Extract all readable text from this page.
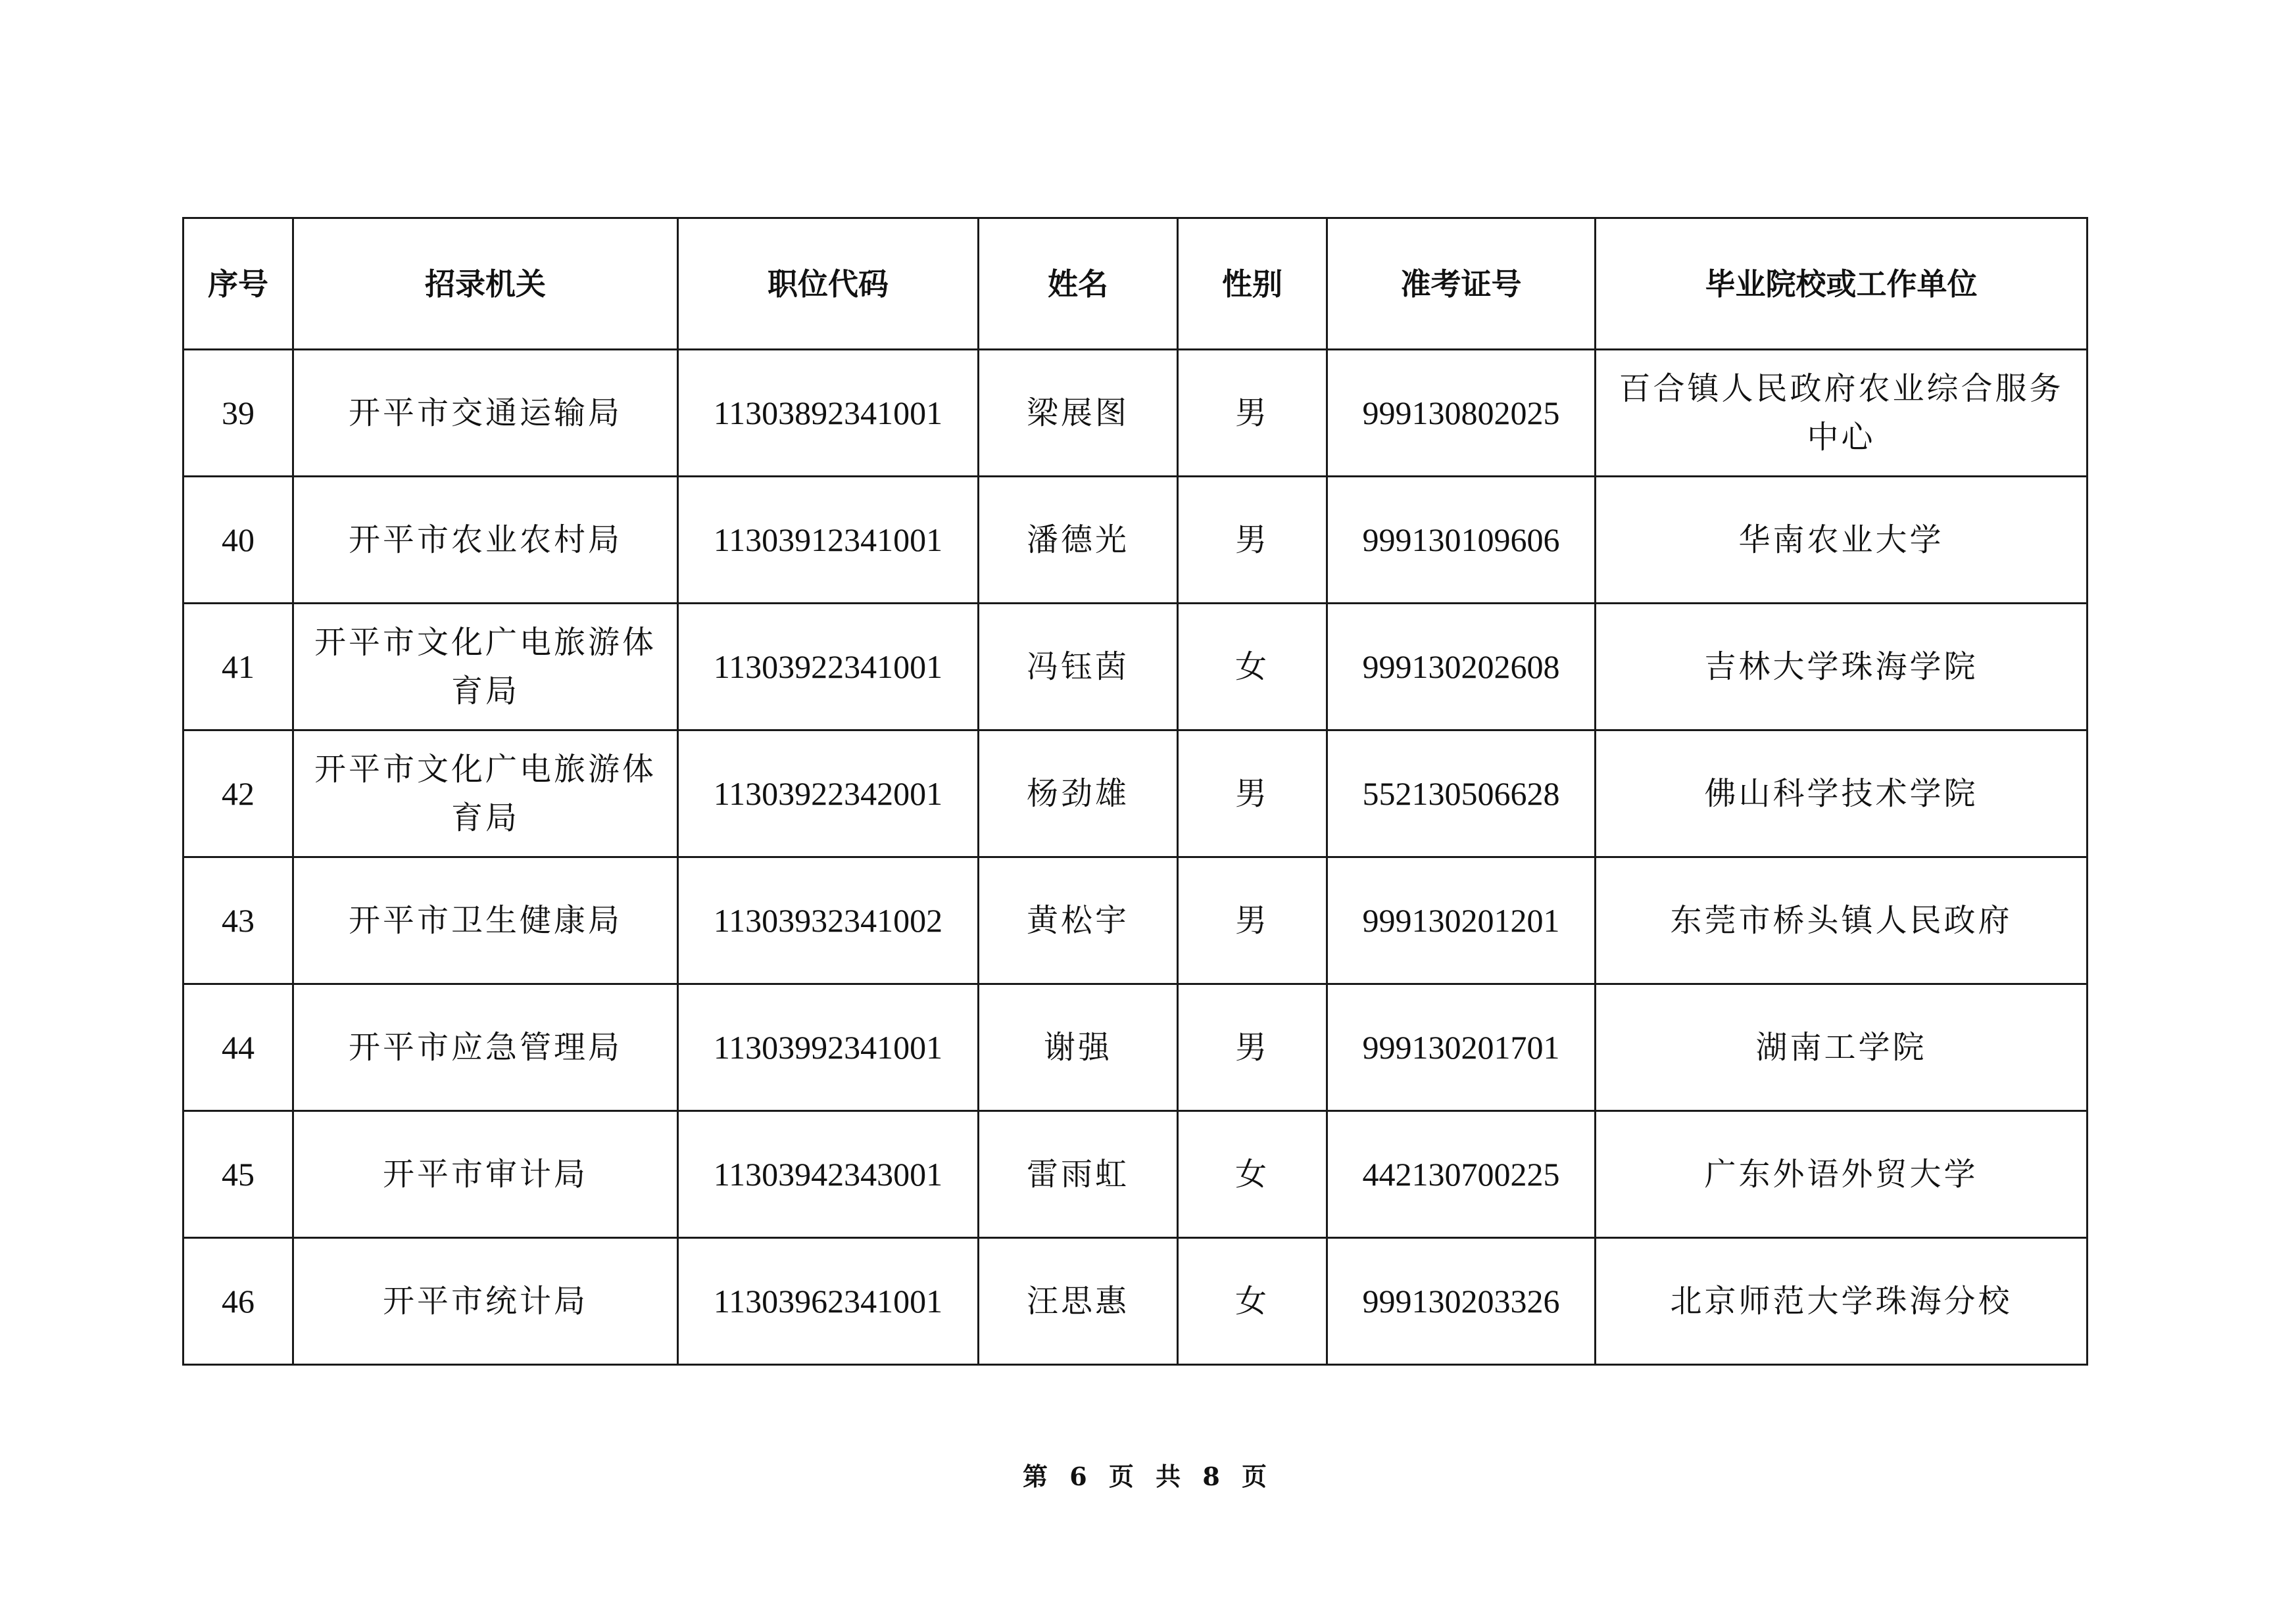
序号	招录机关	职位代码	姓名	性别	准考证号	毕业院校或工作单位
39	开平市交通运输局	11303892341001	梁展图	男	999130802025	百合镇人民政府农业综合服务中心
40	开平市农业农村局	11303912341001	潘德光	男	999130109606	华南农业大学
41	开平市文化广电旅游体育局	11303922341001	冯钰茵	女	999130202608	吉林大学珠海学院
42	开平市文化广电旅游体育局	11303922342001	杨劲雄	男	552130506628	佛山科学技术学院
43	开平市卫生健康局	11303932341002	黄松宇	男	999130201201	东莞市桥头镇人民政府
44	开平市应急管理局	11303992341001	谢强	男	999130201701	湖南工学院
45	开平市审计局	11303942343001	雷雨虹	女	442130700225	广东外语外贸大学
46	开平市统计局	11303962341001	汪思惠	女	999130203326	北京师范大学珠海分校
第 6 页 共 8 页
